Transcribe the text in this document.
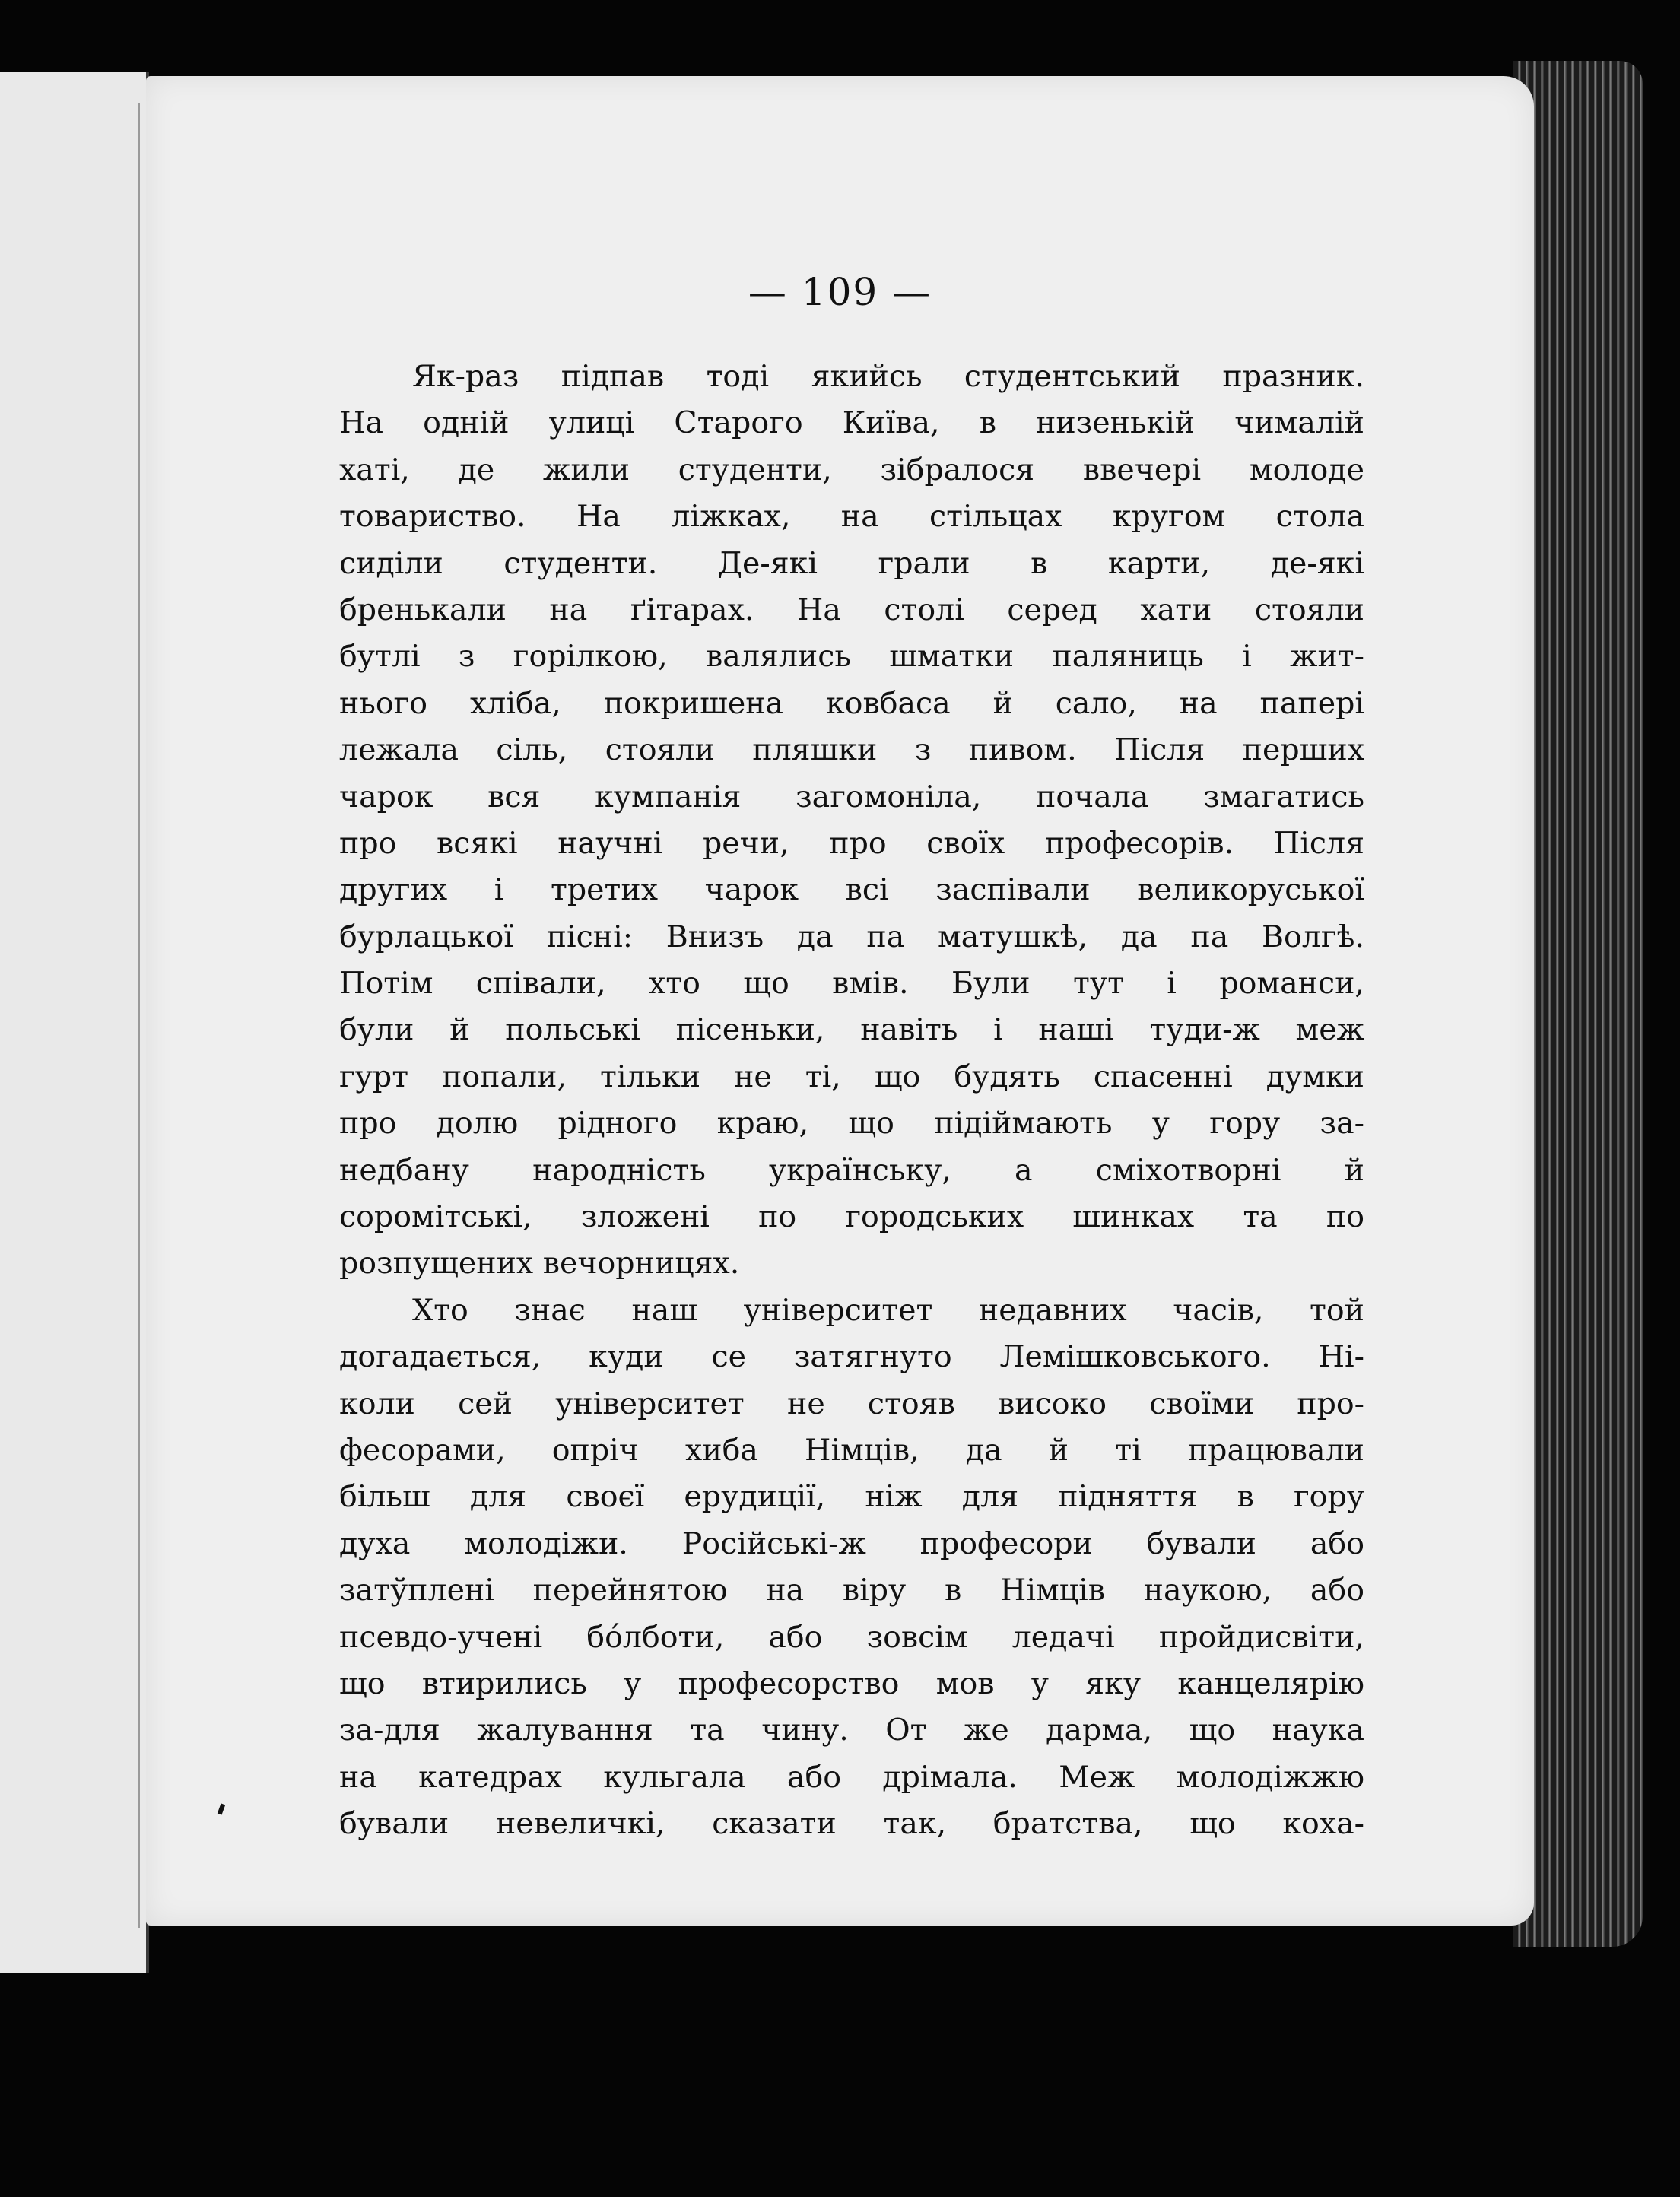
— 109 —
Як-раз підпав тоді якийсь студентський празник.
На одній улиці Старого Київа, в низенькій чималій
хаті, де жили студенти, зібралося ввечері молоде
товариство. На ліжках, на стільцах кругом стола
сиділи студенти. Де-які грали в карти, де-які
бренькали на ґітарах. На столі серед хати стояли
бутлі з горілкою, валялись шматки паляниць і жит-
нього хліба, покришена ковбаса й сало, на папері
лежала сіль, стояли пляшки з пивом. Після перших
чарок вся кумпанія загомоніла, почала змагатись
про всякі научні речи, про своїх професорів. Після
других і третих чарок всі заспівали великоруської
бурлацької пісні: Внизъ да па матушкѣ, да па Волгѣ.
Потім співали, хто що вмів. Були тут і романси,
були й польські пісеньки, навіть і наші туди-ж меж
гурт попали, тільки не ті, що будять спасенні думки
про долю рідного краю, що підіймають у гору за-
недбану народність українську, а сміхотворні й
соромітські, зложені по городських шинках та по
розпущених вечорницях.
Хто знає наш університет недавних часів, той
догадається, куди се затягнуто Лемішковського. Ні-
коли сей університет не стояв високо своїми про-
фесорами, опріч хиба Німців, да й ті працювали
більш для своєї ерудиції, ніж для підняття в гору
духа молодіжи. Російські-ж професори бували або
затўплені перейнятою на віру в Німців наукою, або
псевдо-учені бо́лботи, або зовсім ледачі пройдисвіти,
що втирились у професорство мов у яку канцелярію
за-для жалування та чину. От же дарма, що наука
на катедрах кульгала або дрімала. Меж молодіжжю
бували невеличкі, сказати так, братства, що коха-
